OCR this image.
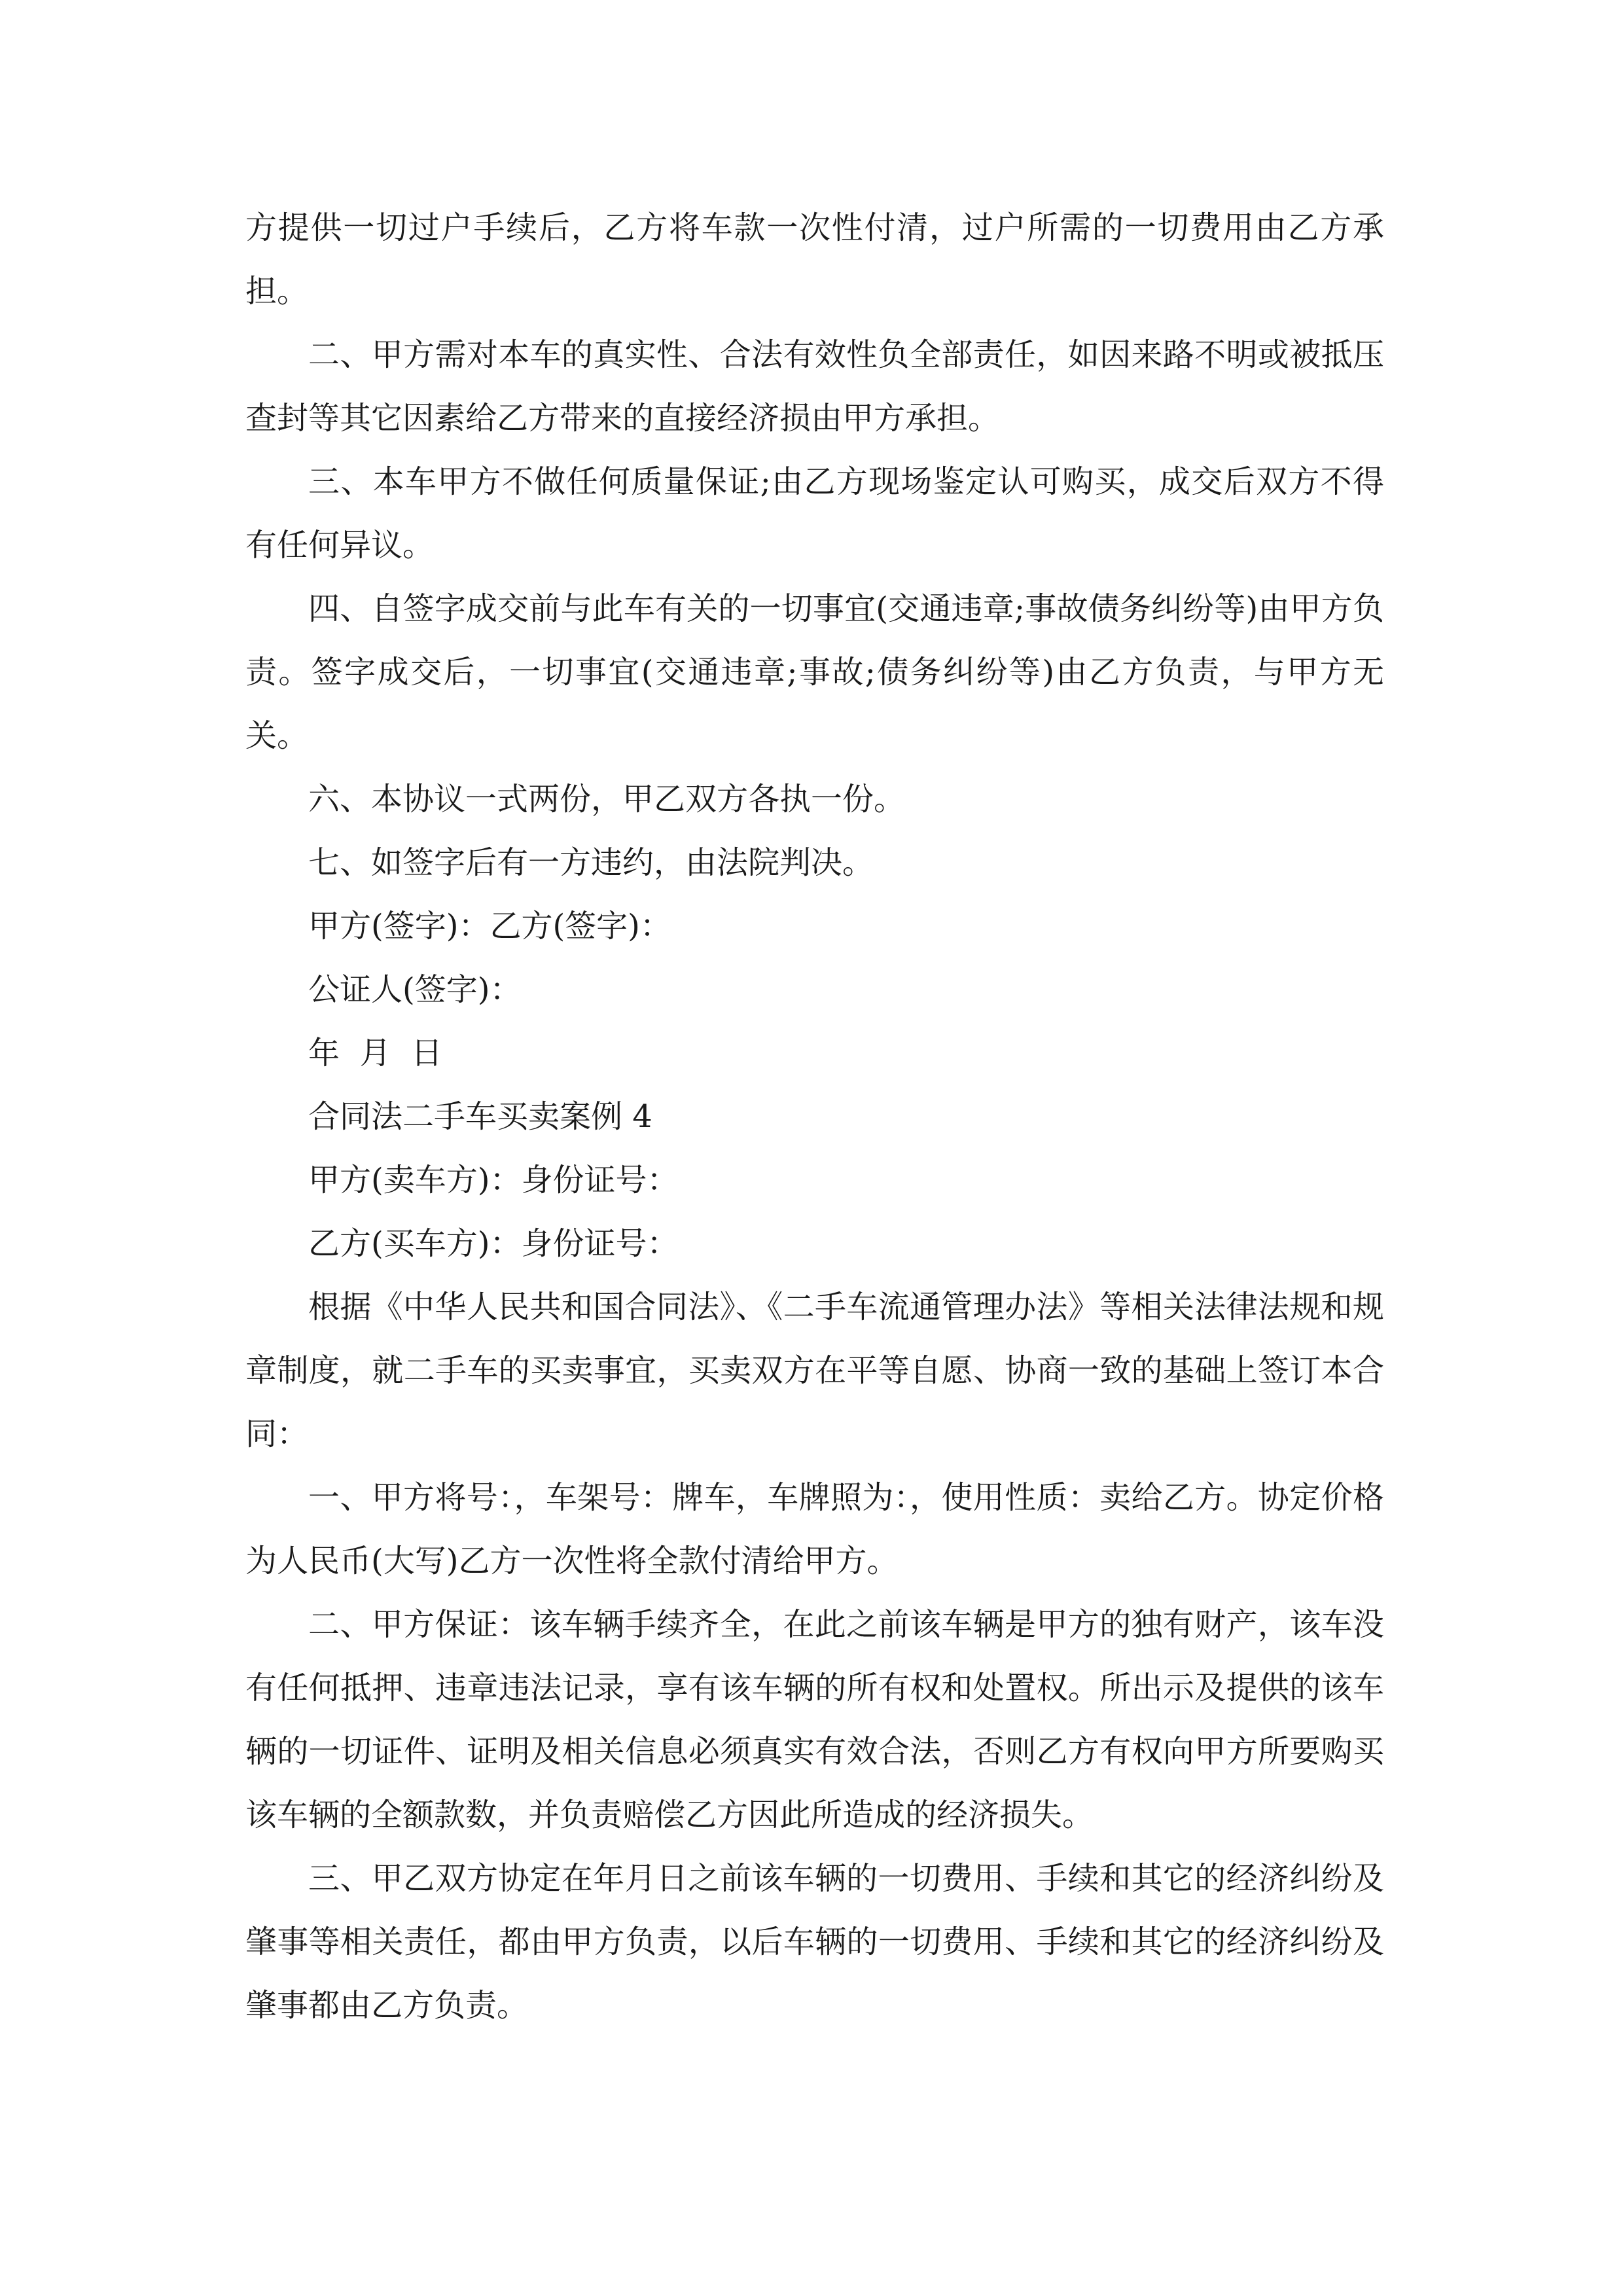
方提供一切过户手续后，乙方将车款一次性付清，过户所需的一切费用由乙方承担。

二、甲方需对本车的真实性、合法有效性负全部责任，如因来路不明或被抵压查封等其它因素给乙方带来的直接经济损由甲方承担。

三、本车甲方不做任何质量保证;由乙方现场鉴定认可购买，成交后双方不得有任何异议。

四、自签字成交前与此车有关的一切事宜(交通违章;事故债务纠纷等)由甲方负责。签字成交后，一切事宜(交通违章;事故;债务纠纷等)由乙方负责，与甲方无关。

六、本协议一式两份，甲乙双方各执一份。

七、如签字后有一方违约，由法院判决。

甲方(签字)：乙方(签字)：

公证人(签字)：

年  月  日

合同法二手车买卖案例 4

甲方(卖车方)：身份证号：

乙方(买车方)：身份证号：

根据《中华人民共和国合同法》、《二手车流通管理办法》等相关法律法规和规章制度，就二手车的买卖事宜，买卖双方在平等自愿、协商一致的基础上签订本合同：

一、甲方将号：，车架号：牌车，车牌照为：，使用性质：卖给乙方。协定价格为人民币(大写)乙方一次性将全款付清给甲方。

二、甲方保证：该车辆手续齐全，在此之前该车辆是甲方的独有财产，该车没有任何抵押、违章违法记录，享有该车辆的所有权和处置权。所出示及提供的该车辆的一切证件、证明及相关信息必须真实有效合法，否则乙方有权向甲方所要购买该车辆的全额款数，并负责赔偿乙方因此所造成的经济损失。

三、甲乙双方协定在年月日之前该车辆的一切费用、手续和其它的经济纠纷及肇事等相关责任，都由甲方负责，以后车辆的一切费用、手续和其它的经济纠纷及肇事都由乙方负责。
